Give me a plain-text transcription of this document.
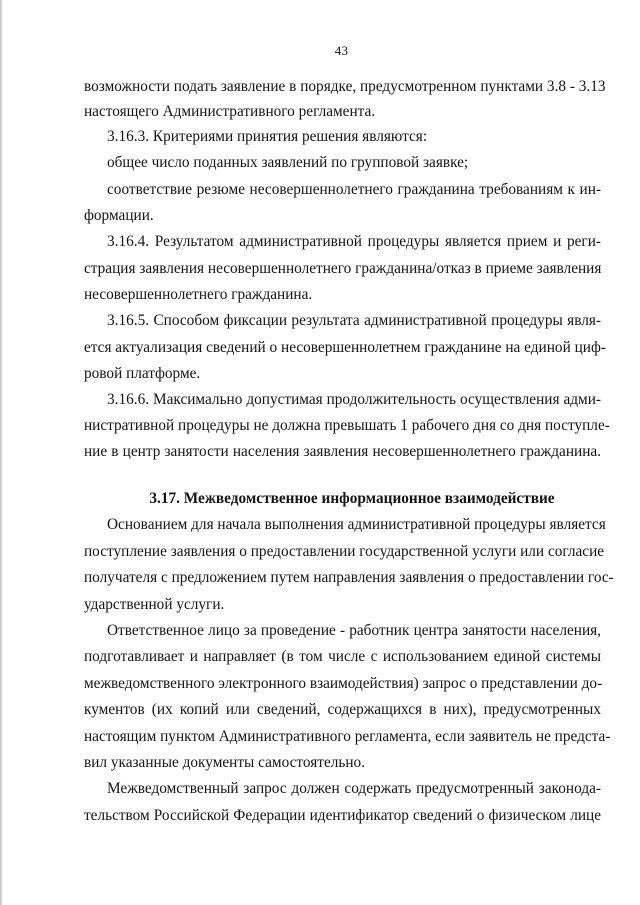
43
возможности подать заявление в порядке, предусмотренном пунктами 3.8 - 3.13
настоящего Административного регламента.
3.16.3. Критериями принятия решения являются:
общее число поданных заявлений по групповой заявке;
соответствие резюме несовершеннолетнего гражданина требованиям к ин-
формации.
3.16.4. Результатом административной процедуры является прием и реги-
страция заявления несовершеннолетнего гражданина/отказ в приеме заявления
несовершеннолетнего гражданина.
3.16.5. Способом фиксации результата административной процедуры явля-
ется актуализация сведений о несовершеннолетнем гражданине на единой циф-
ровой платформе.
3.16.6. Максимально допустимая продолжительность осуществления адми-
нистративной процедуры не должна превышать 1 рабочего дня со дня поступле-
ние в центр занятости населения заявления несовершеннолетнего гражданина.
3.17. Межведомственное информационное взаимодействие
Основанием для начала выполнения административной процедуры является
поступление заявления о предоставлении государственной услуги или согласие
получателя с предложением путем направления заявления о предоставлении гос-
ударственной услуги.
Ответственное лицо за проведение - работник центра занятости населения,
подготавливает и направляет (в том числе с использованием единой системы
межведомственного электронного взаимодействия) запрос о представлении до-
кументов (их копий или сведений, содержащихся в них), предусмотренных
настоящим пунктом Административного регламента, если заявитель не предста-
вил указанные документы самостоятельно.
Межведомственный запрос должен содержать предусмотренный законода-
тельством Российской Федерации идентификатор сведений о физическом лице
